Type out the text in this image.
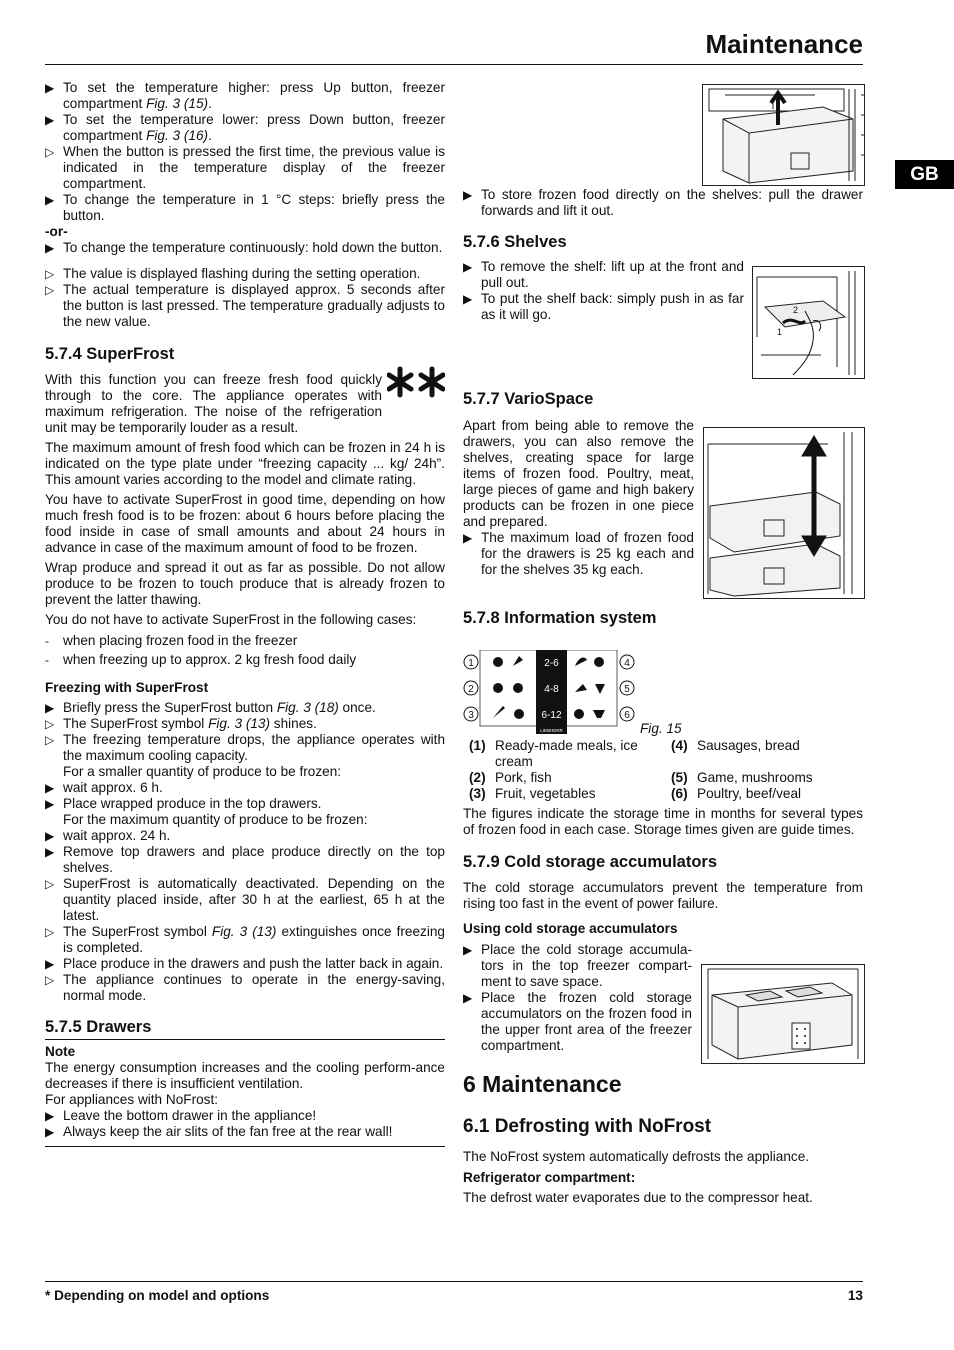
Maintenance
GB
▶ To set the temperature higher: press Up button, freezer compartment Fig. 3 (15).
▶ To set the temperature lower: press Down button, freezer compartment Fig. 3 (16).
▷ When the button is pressed the first time, the previous value is indicated in the temperature display of the freezer compartment.
▶ To change the temperature in 1 °C steps: briefly press the button.
-or-
▶ To change the temperature continuously: hold down the button.
▷ The value is displayed flashing during the setting operation.
▷ The actual temperature is displayed approx. 5 seconds after the button is last pressed. The temperature gradually adjusts to the new value.
5.7.4 SuperFrost
With this function you can freeze fresh food quickly through to the core. The appliance operates with maximum refrigeration. The noise of the refrigeration unit may be temporarily louder as a result.
The maximum amount of fresh food which can be frozen in 24 h is indicated on the type plate under “freezing capacity ... kg/ 24h”. This amount varies according to the model and climate rating.
You have to activate SuperFrost in good time, depending on how much fresh food is to be frozen: about 6 hours before placing the food inside in case of small amounts and about 24 hours in advance in case of the maximum amount of food to be frozen.
Wrap produce and spread it out as far as possible. Do not allow produce to be frozen to touch produce that is already frozen to prevent the latter thawing.
You do not have to activate SuperFrost in the following cases:
- when placing frozen food in the freezer
- when freezing up to approx. 2 kg fresh food daily
Freezing with SuperFrost
▶ Briefly press the SuperFrost button Fig. 3 (18) once.
▷ The SuperFrost symbol Fig. 3 (13) shines.
▷ The freezing temperature drops, the appliance operates with the maximum cooling capacity.
For a smaller quantity of produce to be frozen:
▶ wait approx. 6 h.
▶ Place wrapped produce in the top drawers.
For the maximum quantity of produce to be frozen:
▶ wait approx. 24 h.
▶ Remove top drawers and place produce directly on the top shelves.
▷ SuperFrost is automatically deactivated. Depending on the quantity placed inside, after 30 h at the earliest, 65 h at the latest.
▷ The SuperFrost symbol Fig. 3 (13) extinguishes once freezing is completed.
▶ Place produce in the drawers and push the latter back in again.
▷ The appliance continues to operate in the energy-saving, normal mode.
5.7.5 Drawers
Note
The energy consumption increases and the cooling perform-ance decreases if there is insufficient ventilation.
For appliances with NoFrost:
▶ Leave the bottom drawer in the appliance!
▶ Always keep the air slits of the fan free at the rear wall!
1
2
▶ To store frozen food directly on the shelves: pull the drawer forwards and lift it out.
5.7.6 Shelves
▶ To remove the shelf: lift up at the front and pull out.
▶ To put the shelf back: simply push in as far as it will go.
5.7.7 VarioSpace
Apart from being able to remove the drawers, you can also remove the shelves, creating space for large items of frozen food. Poultry, meat, large pieces of game and high bakery products can be frozen in one piece and prepared.
▶ The maximum load of frozen food for the drawers is 25 kg each and for the shelves 35 kg each.
5.7.8 Information system
1
2
3
4
5
6
2-6
4-8
6-12
LIEBHERR	Fig. 15
(1)	Ready-made meals, ice cream	(4)	Sausages, bread
(2)	Pork, fish	(5)	Game, mushrooms
(3)	Fruit, vegetables	(6)	Poultry, beef/veal
The figures indicate the storage time in months for several types of frozen food in each case. Storage times given are guide times.
5.7.9 Cold storage accumulators
The cold storage accumulators prevent the temperature from rising too fast in the event of power failure.
Using cold storage accumulators
▶ Place the cold storage accumula-tors in the top freezer compart-ment to save space.
▶ Place the frozen cold storage accumulators on the frozen food in the upper front area of the freezer compartment.
6 Maintenance
6.1 Defrosting with NoFrost
The NoFrost system automatically defrosts the appliance.
Refrigerator compartment:
The defrost water evaporates due to the compressor heat.
* Depending on model and options	13
